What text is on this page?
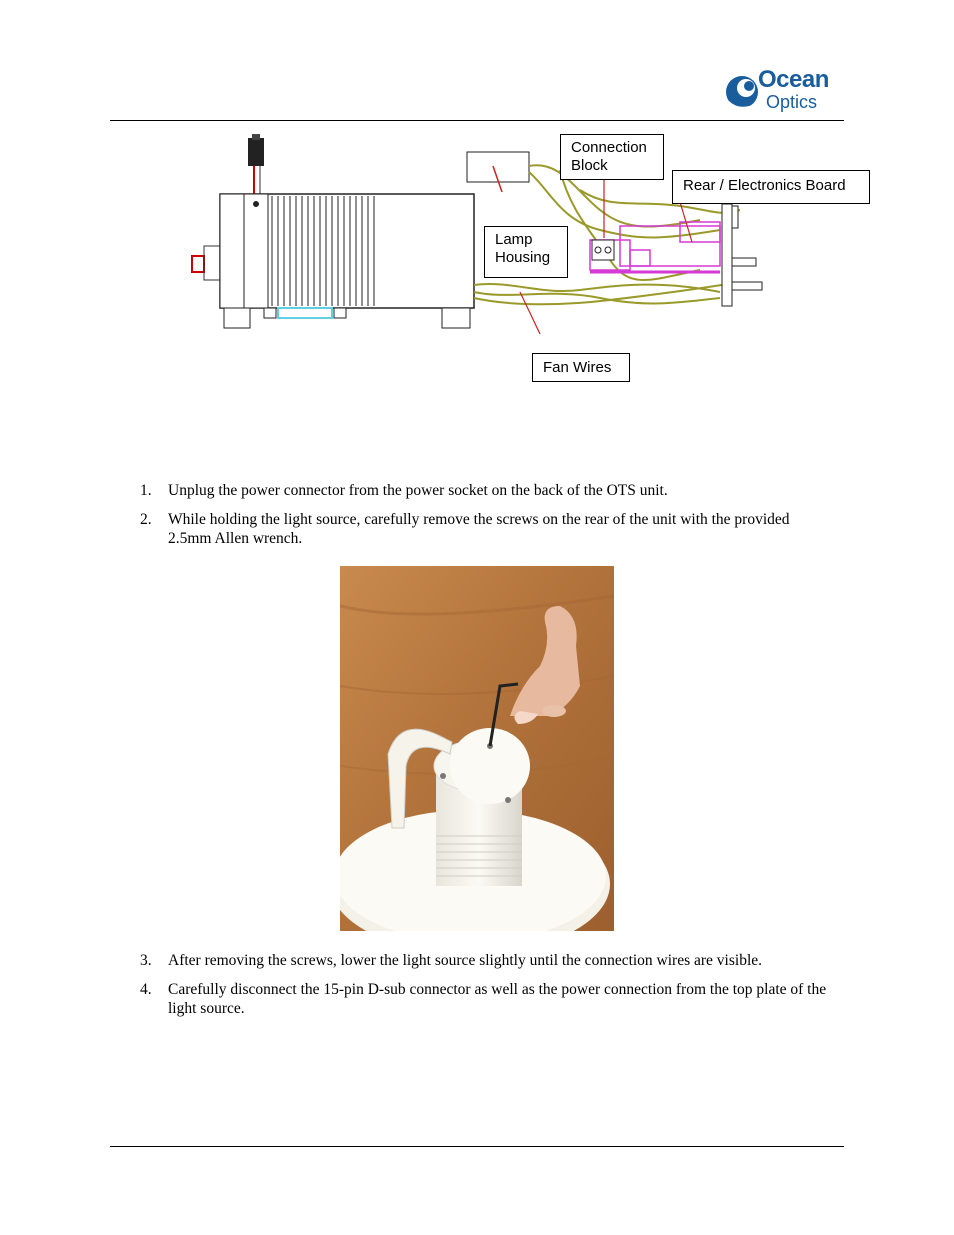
Ocean
Optics
Connection
Block
Rear / Electronics Board
Lamp
Housing
Fan Wires
1. Unplug the power connector from the power socket on the back of the OTS unit.
2. While holding the light source, carefully remove the screws on the rear of the unit with the provided 2.5mm Allen wrench.
3. After removing the screws, lower the light source slightly until the connection wires are visible.
4. Carefully disconnect the 15-pin D-sub connector as well as the power connection from the top plate of the light source.
